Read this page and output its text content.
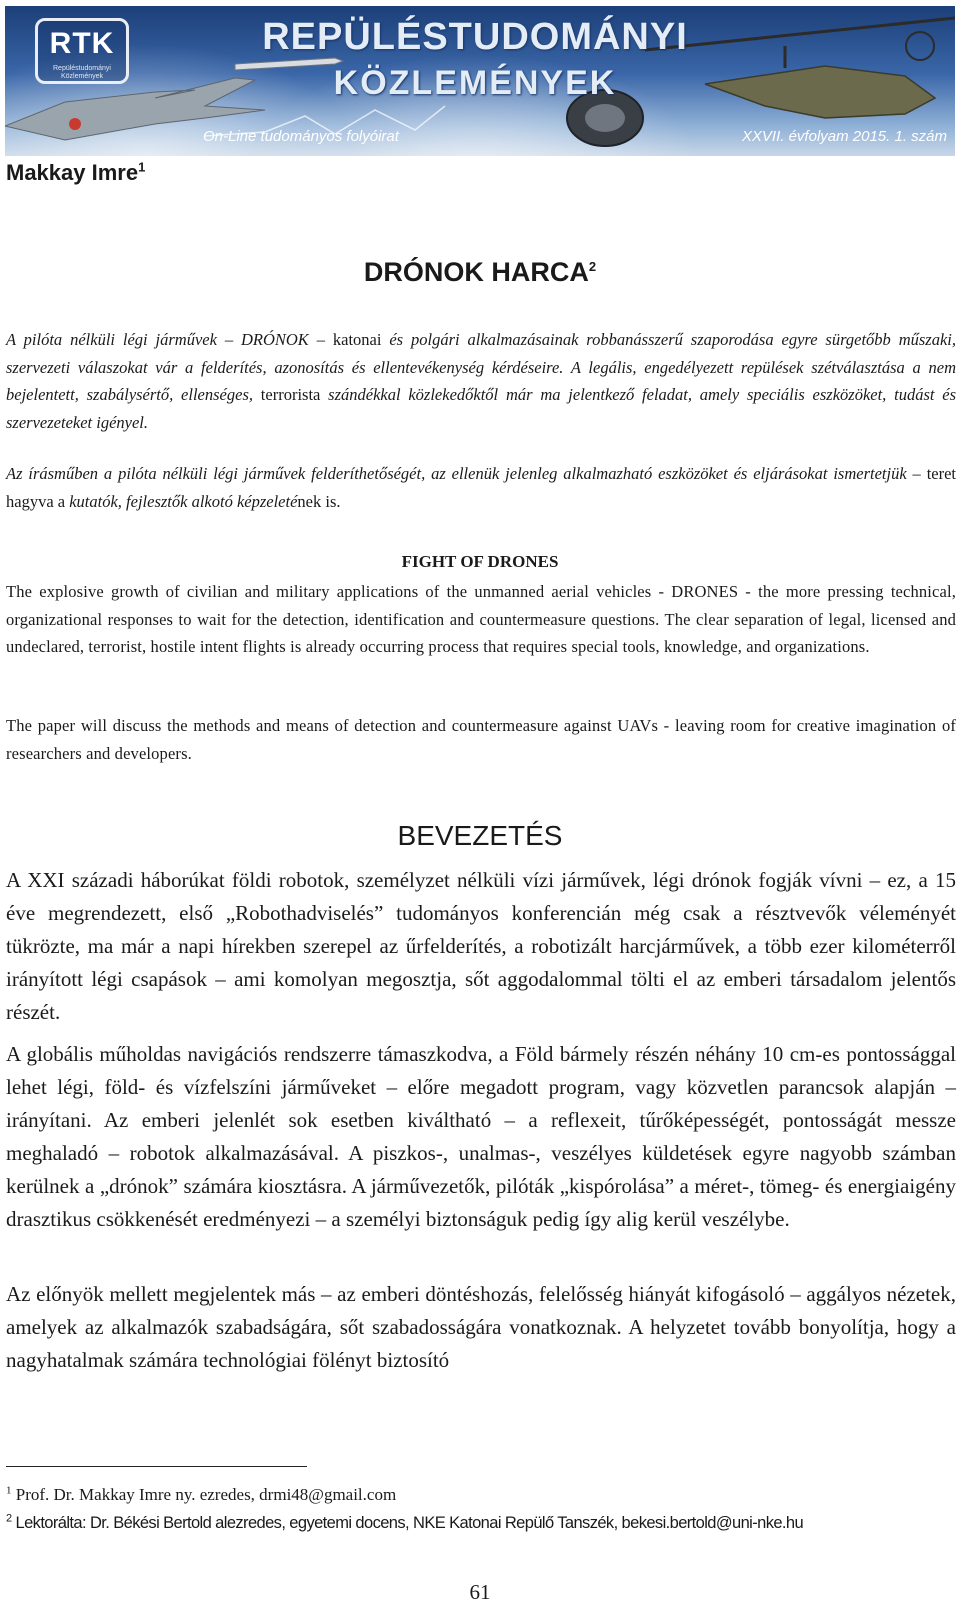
RTK
Repüléstudományi Közlemények
REPÜLÉSTUDOMÁNYI
KÖZLEMÉNYEK
On-Line tudományos folyóirat	XXVII. évfolyam 2015. 1. szám
Makkay Imre$^1$
DRÓNOK HARCA$^2$

A pilóta nélküli légi járművek – DRÓNOK – katonai és polgári alkalmazásainak robbanásszerű szaporodása egyre sürgetőbb műszaki, szervezeti válaszokat vár a felderítés, azonosítás és ellentevékenység kérdéseire. A legális, engedélyezett repülések szétválasztása a nem bejelentett, szabálysértő, ellenséges, terrorista szándékkal közlekedőktől már ma jelentkező feladat, amely speciális eszközöket, tudást és szervezeteket igényel.

Az írásműben a pilóta nélküli légi járművek felderíthetőségét, az ellenük jelenleg alkalmazható eszközöket és eljárásokat ismertetjük – teret hagyva a kutatók, fejlesztők alkotó képzeletének is.

FIGHT OF DRONES

The explosive growth of civilian and military applications of the unmanned aerial vehicles - DRONES - the more pressing technical, organizational responses to wait for the detection, identification and countermeasure questions. The clear separation of legal, licensed and undeclared, terrorist, hostile intent flights is already occurring process that requires special tools, knowledge, and organizations.

The paper will discuss the methods and means of detection and countermeasure against UAVs - leaving room for creative imagination of researchers and developers.

BEVEZETÉS

A XXI századi háborúkat földi robotok, személyzet nélküli vízi járművek, légi drónok fogják vívni – ez, a 15 éve megrendezett, első „Robothadviselés” tudományos konferencián még csak a résztvevők véleményét tükrözte, ma már a napi hírekben szerepel az űrfelderítés, a robotizált harcjárművek, a több ezer kilométerről irányított légi csapások – ami komolyan megosztja, sőt aggodalommal tölti el az emberi társadalom jelentős részét.

A globális műholdas navigációs rendszerre támaszkodva, a Föld bármely részén néhány 10 cm-es pontossággal lehet légi, föld- és vízfelszíni járműveket – előre megadott program, vagy közvetlen parancsok alapján – irányítani. Az emberi jelenlét sok esetben kiváltható – a reflexeit, tűrőképességét, pontosságát messze meghaladó – robotok alkalmazásával. A piszkos-, unalmas-, veszélyes küldetések egyre nagyobb számban kerülnek a „drónok” számára kiosztásra. A járművezetők, pilóták „kispórolása” a méret-, tömeg- és energiaigény drasztikus csökkenését eredményezi – a személyi biztonságuk pedig így alig kerül veszélybe.

Az előnyök mellett megjelentek más – az emberi döntéshozás, felelősség hiányát kifogásoló – aggályos nézetek, amelyek az alkalmazók szabadságára, sőt szabadosságára vonatkoznak. A helyzetet tovább bonyolítja, hogy a nagyhatalmak számára technológiai fölényt biztosító

$^1$ Prof. Dr. Makkay Imre ny. ezredes, drmi48@gmail.com
$^2$ Lektorálta: Dr. Békési Bertold alezredes, egyetemi docens, NKE Katonai Repülő Tanszék, bekesi.bertold@uni-nke.hu
61
